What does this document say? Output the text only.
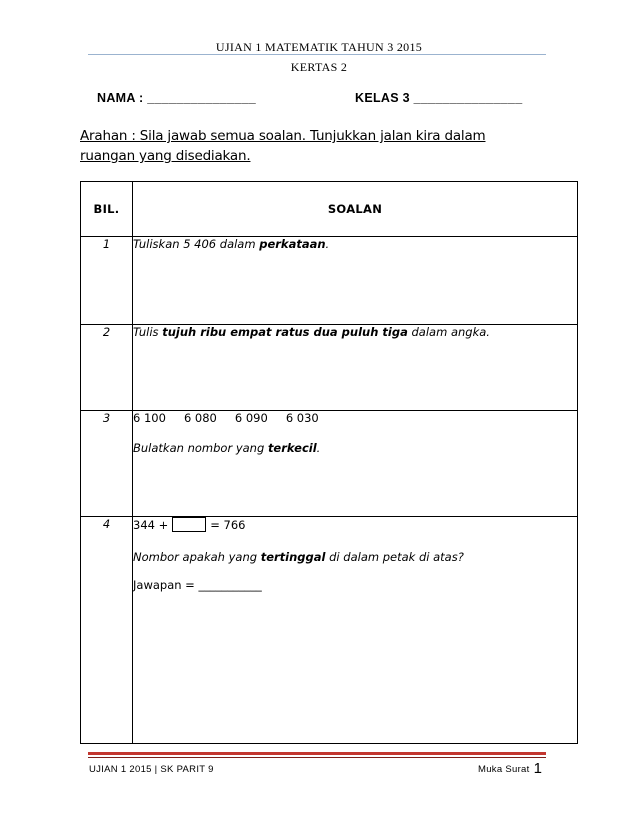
UJIAN 1 MATEMATIK TAHUN 3 2015
KERTAS 2
NAMA : _______________	KELAS 3 _______________
Arahan : Sila jawab semua soalan. Tunjukkan jalan kira dalam
ruangan yang disediakan.
BIL.	SOALAN
1	Tuliskan 5 406 dalam perkataan.

2	Tulis tujuh ribu empat ratus dua puluh tiga dalam angka.

3	6 100 6 080 6 090 6 030
Bulatkan nombor yang terkecil.

4	344 + = 766
Nombor apakah yang tertinggal di dalam petak di atas?
Jawapan = ___________
UJIAN 1 2015 | SK PARIT 9	Muka Surat 1
